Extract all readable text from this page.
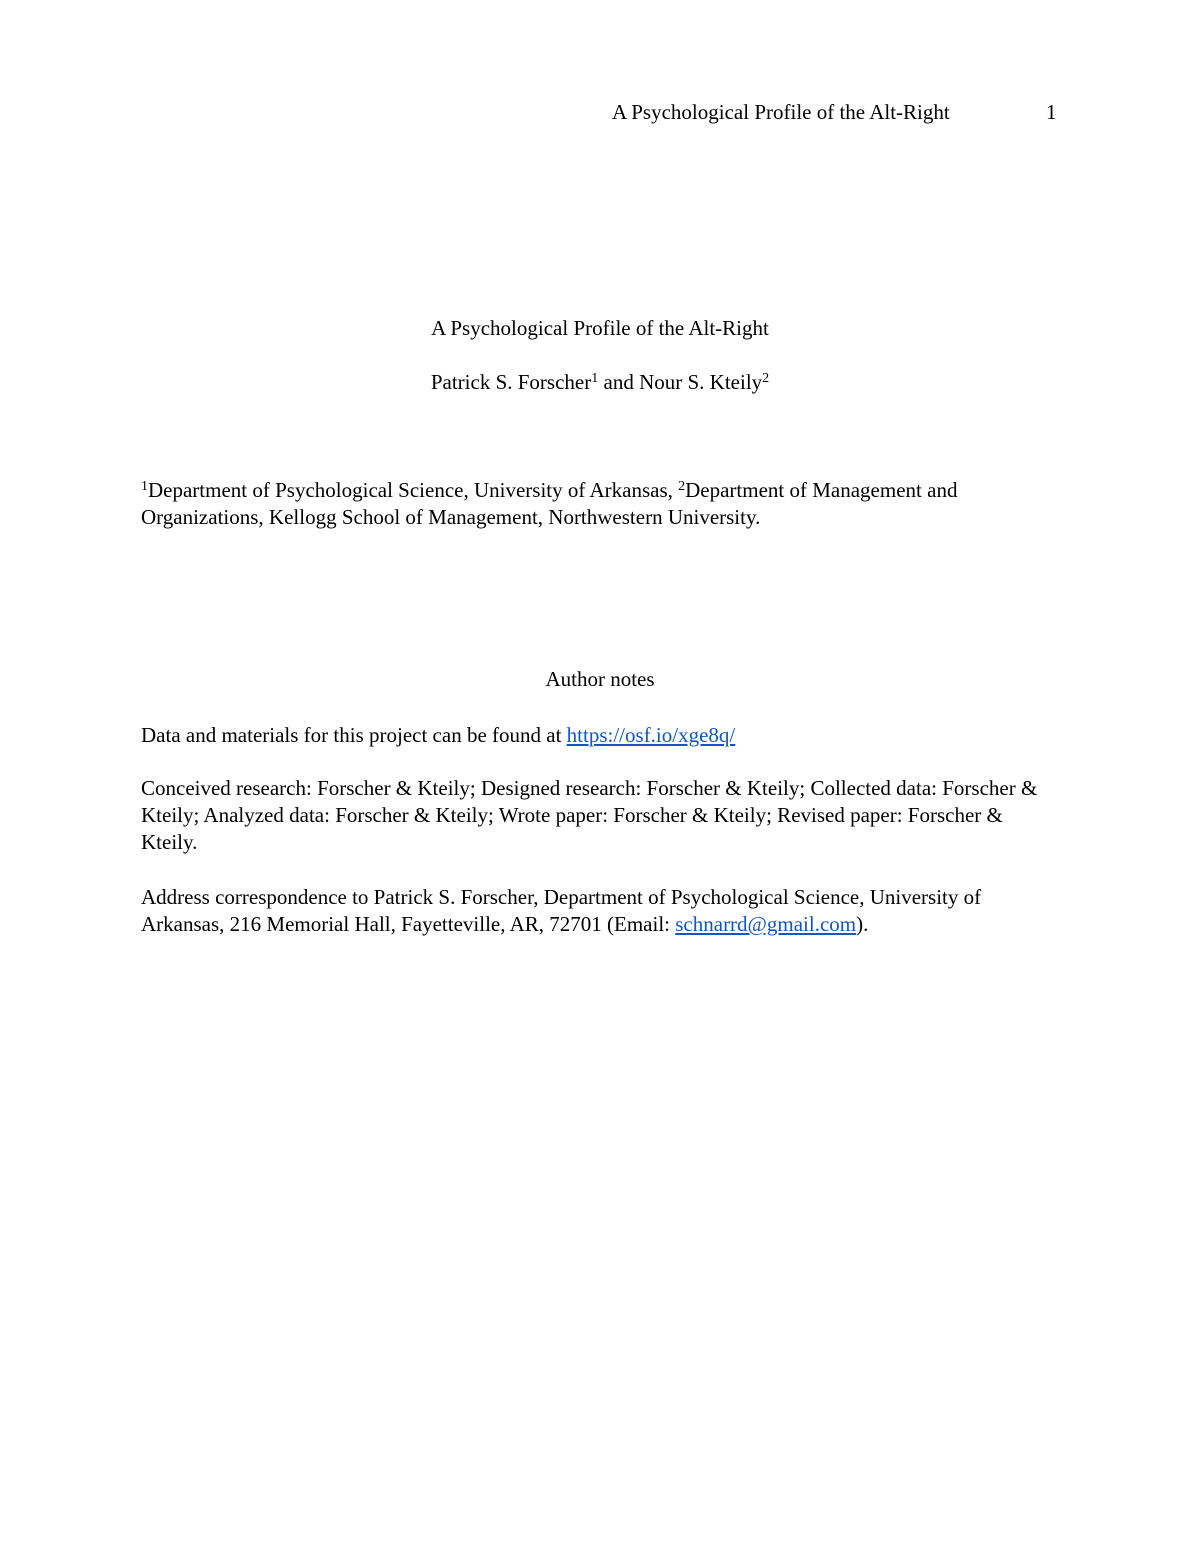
A Psychological Profile of the Alt-Right	1
A Psychological Profile of the Alt-Right
Patrick S. Forscher$^1$ and Nour S. Kteily$^2$
$^1$Department of Psychological Science, University of Arkansas, $^2$Department of Management and Organizations, Kellogg School of Management, Northwestern University.
Author notes
Data and materials for this project can be found at https://osf.io/xge8q/
Conceived research: Forscher & Kteily; Designed research: Forscher & Kteily; Collected data: Forscher & Kteily; Analyzed data: Forscher & Kteily; Wrote paper: Forscher & Kteily; Revised paper: Forscher & Kteily.
Address correspondence to Patrick S. Forscher, Department of Psychological Science, University of Arkansas, 216 Memorial Hall, Fayetteville, AR, 72701 (Email: schnarrd@gmail.com).
